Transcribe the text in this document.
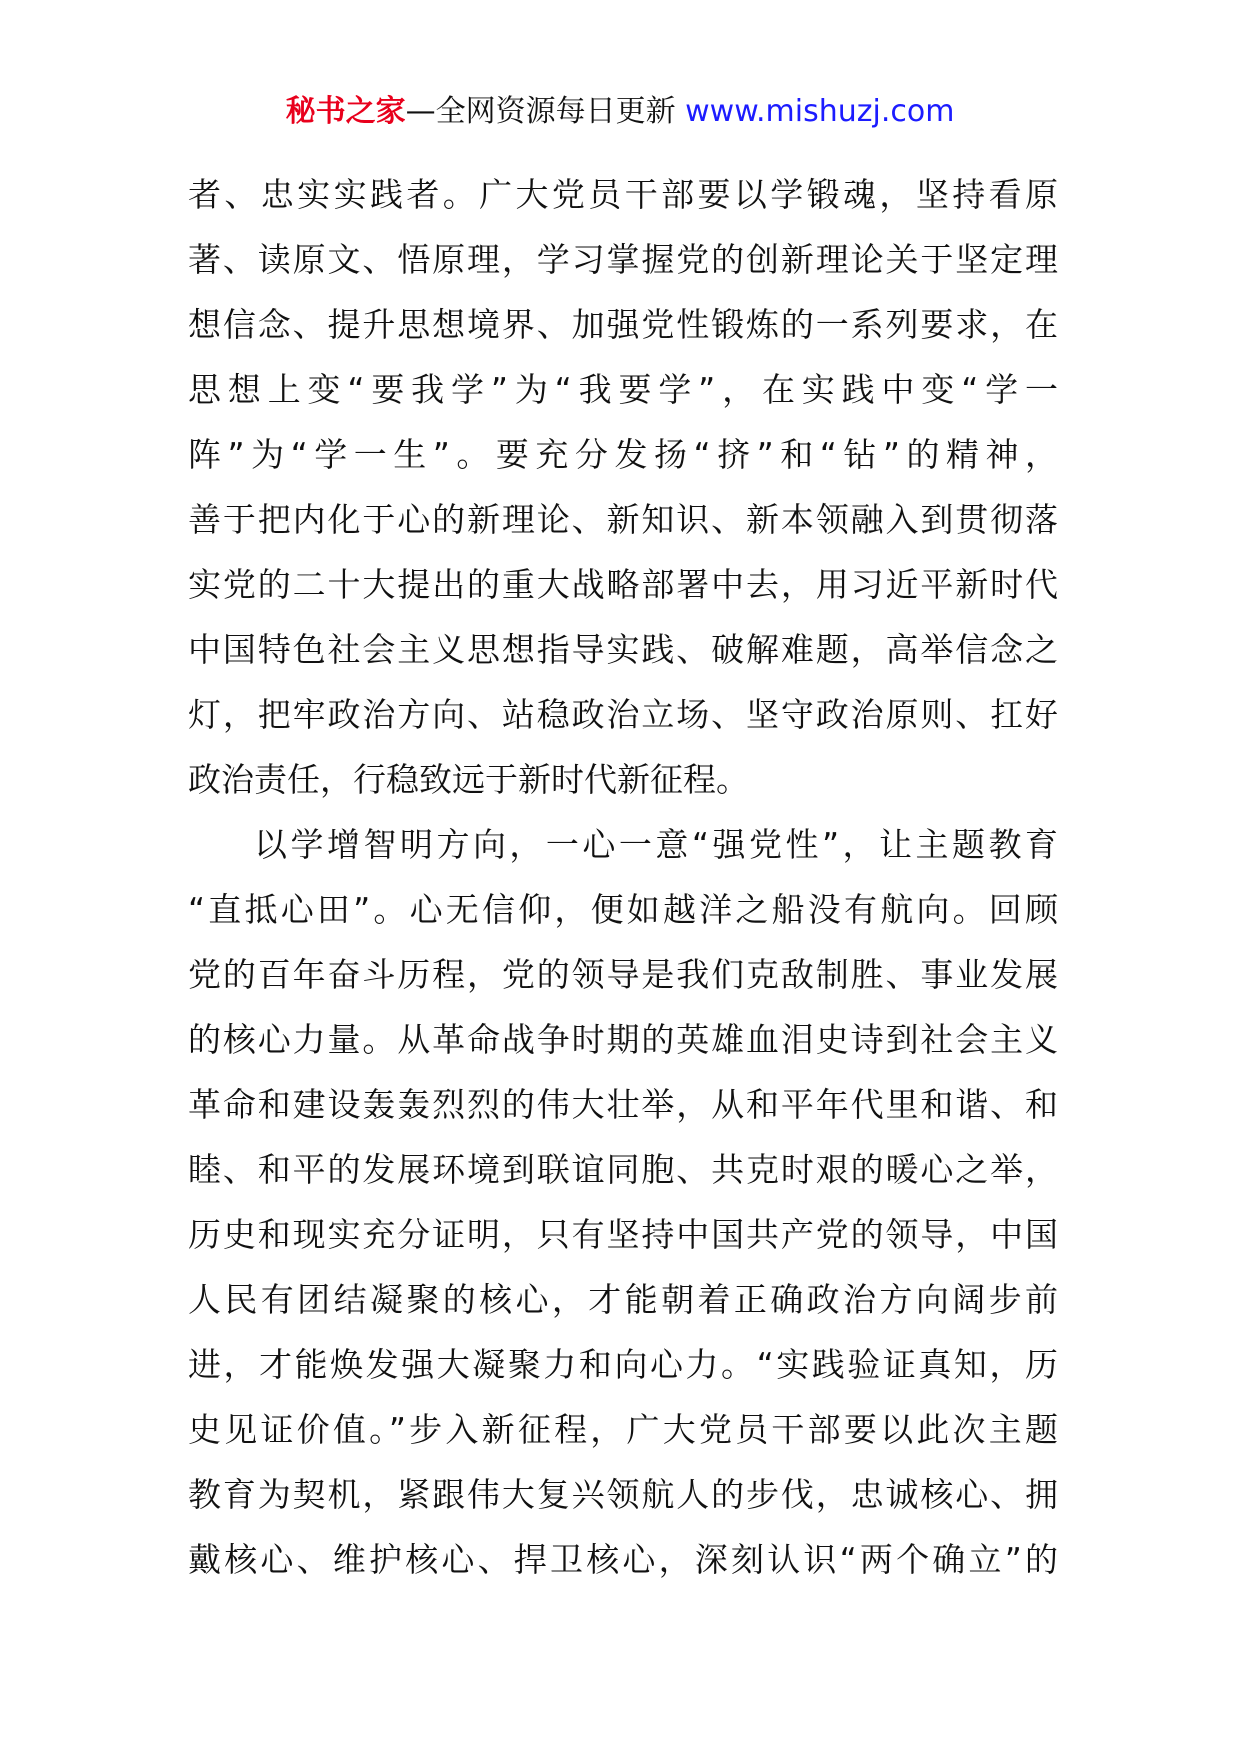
秘书之家—全网资源每日更新 www.mishuzj.com
者、忠实实践者。广大党员干部要以学锻魂，坚持看原
著、读原文、悟原理，学习掌握党的创新理论关于坚定理
想信念、提升思想境界、加强党性锻炼的一系列要求，在
思想上变“要我学”为“我要学”，在实践中变“学一
阵”为“学一生”。要充分发扬“挤”和“钻”的精神，
善于把内化于心的新理论、新知识、新本领融入到贯彻落
实党的二十大提出的重大战略部署中去，用习近平新时代
中国特色社会主义思想指导实践、破解难题，高举信念之
灯，把牢政治方向、站稳政治立场、坚守政治原则、扛好
政治责任，行稳致远于新时代新征程。
以学增智明方向，一心一意“强党性”，让主题教育
“直抵心田”。心无信仰，便如越洋之船没有航向。回顾
党的百年奋斗历程，党的领导是我们克敌制胜、事业发展
的核心力量。从革命战争时期的英雄血泪史诗到社会主义
革命和建设轰轰烈烈的伟大壮举，从和平年代里和谐、和
睦、和平的发展环境到联谊同胞、共克时艰的暖心之举，
历史和现实充分证明，只有坚持中国共产党的领导，中国
人民有团结凝聚的核心，才能朝着正确政治方向阔步前
进，才能焕发强大凝聚力和向心力。“实践验证真知，历
史见证价值。”步入新征程，广大党员干部要以此次主题
教育为契机，紧跟伟大复兴领航人的步伐，忠诚核心、拥
戴核心、维护核心、捍卫核心，深刻认识“两个确立”的
